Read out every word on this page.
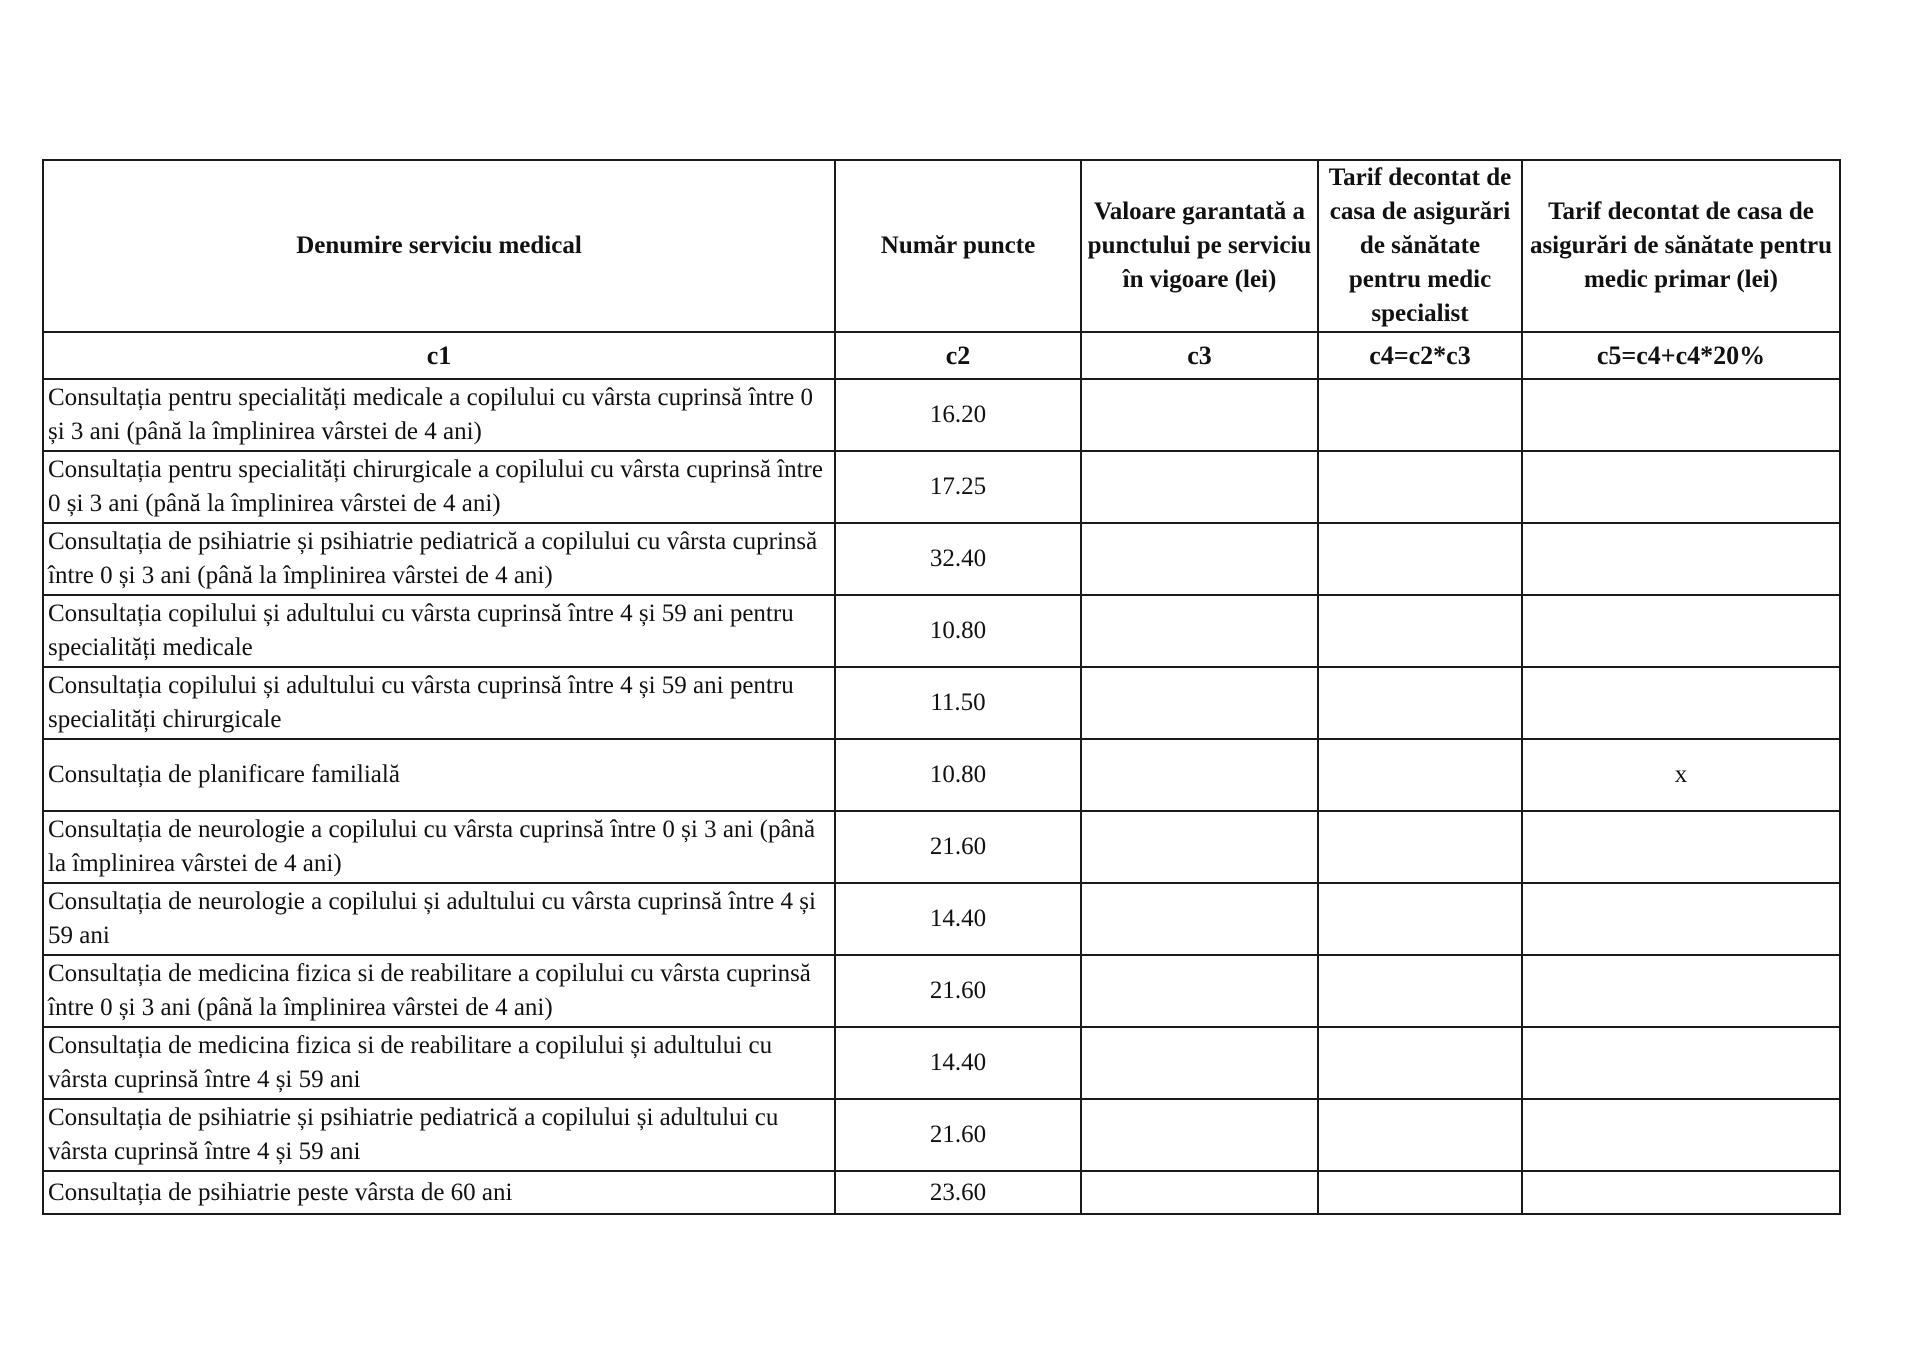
Denumire serviciu medical	Număr puncte	Valoare garantată a punctului pe serviciu în vigoare (lei)	Tarif decontat de casa de asigurări de sănătate pentru medic specialist	Tarif decontat de casa de asigurări de sănătate pentru medic primar (lei)
c1	c2	c3	c4=c2*c3	c5=c4+c4*20%
Consultația pentru specialități medicale a copilului cu vârsta cuprinsă între 0 și 3 ani (până la împlinirea vârstei de 4 ani)	16.20			
Consultația pentru specialități chirurgicale a copilului cu vârsta cuprinsă între 0 și 3 ani (până la împlinirea vârstei de 4 ani)	17.25			
Consultația de psihiatrie și psihiatrie pediatrică a copilului cu vârsta cuprinsă între 0 și 3 ani (până la împlinirea vârstei de 4 ani)	32.40			
Consultația copilului și adultului cu vârsta cuprinsă între 4 și 59 ani pentru specialități medicale	10.80			
Consultația copilului și adultului cu vârsta cuprinsă între 4 și 59 ani pentru specialități chirurgicale	11.50			
Consultația de planificare familială	10.80			x
Consultația de neurologie a copilului cu vârsta cuprinsă între 0 și 3 ani (până la împlinirea vârstei de 4 ani)	21.60			
Consultația de neurologie a copilului și adultului cu vârsta cuprinsă între 4 și 59 ani	14.40			
Consultația de medicina fizica si de reabilitare a copilului cu vârsta cuprinsă între 0 și 3 ani (până la împlinirea vârstei de 4 ani)	21.60			
Consultația de medicina fizica si de reabilitare a copilului și adultului cu vârsta cuprinsă între 4 și 59 ani	14.40			
Consultația de psihiatrie și psihiatrie pediatrică a copilului și adultului cu vârsta cuprinsă între 4 și 59 ani	21.60			
Consultația de psihiatrie peste vârsta de 60 ani	23.60			
